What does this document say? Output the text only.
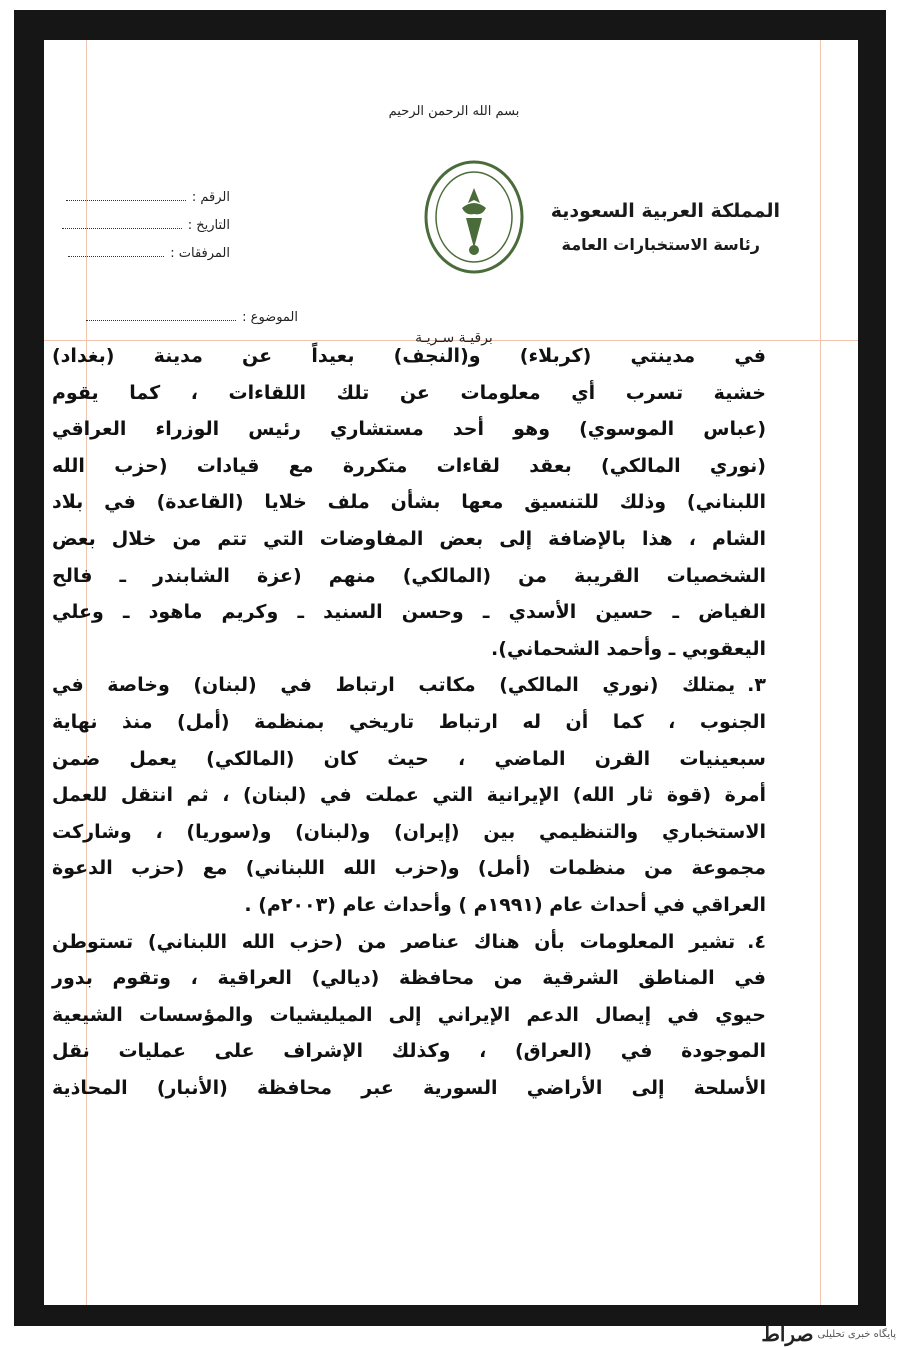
بسم الله الرحمن الرحيم
المملكة العربية السعودية
رئاسة الاستخبارات العامة
الرقم :
التاريخ :
المرفقات :
الموضوع :
برقيـة سـريـة
في مدينتي (كربلاء) و(النجف) بعيداً عن مدينة (بغداد)
خشية تسرب أي معلومات عن تلك اللقاءات ، كما يقوم
(عباس الموسوي) وهو أحد مستشاري رئيس الوزراء العراقي
(نوري المالكي) بعقد لقاءات متكررة مع قيادات (حزب الله
اللبناني) وذلك للتنسيق معها بشأن ملف خلايا (القاعدة) في بلاد
الشام ، هذا بالإضافة إلى بعض المفاوضات التي تتم من خلال بعض
الشخصيات القريبة من (المالكي) منهم (عزة الشابندر ـ فالح
الفياض ـ حسين الأسدي ـ وحسن السنيد ـ وكريم ماهود ـ وعلي
اليعقوبي ـ وأحمد الشحماني).
٣.يمتلك (نوري المالكي) مكاتب ارتباط في (لبنان) وخاصة في
الجنوب ، كما أن له ارتباط تاريخي بمنظمة (أمل) منذ نهاية
سبعينيات القرن الماضي ، حيث كان (المالكي) يعمل ضمن
أمرة (قوة ثار الله) الإيرانية التي عملت في (لبنان) ، ثم انتقل للعمل
الاستخباري والتنظيمي بين (إيران) و(لبنان) و(سوريا) ، وشاركت
مجموعة من منظمات (أمل) و(حزب الله اللبناني) مع (حزب الدعوة
العراقي في أحداث عام (١٩٩١م ) وأحداث عام (٢٠٠٣م) .
٤.تشير المعلومات بأن هناك عناصر من (حزب الله اللبناني) تستوطن
في المناطق الشرقية من محافظة (ديالي) العراقية ، وتقوم بدور
حيوي في إيصال الدعم الإيراني إلى الميليشيات والمؤسسات الشيعية
الموجودة في (العراق) ، وكذلك الإشراف على عمليات نقل
الأسلحة إلى الأراضي السورية عبر محافظة (الأنبار) المحاذية
پایگاه خبری تحلیلی
صراط
